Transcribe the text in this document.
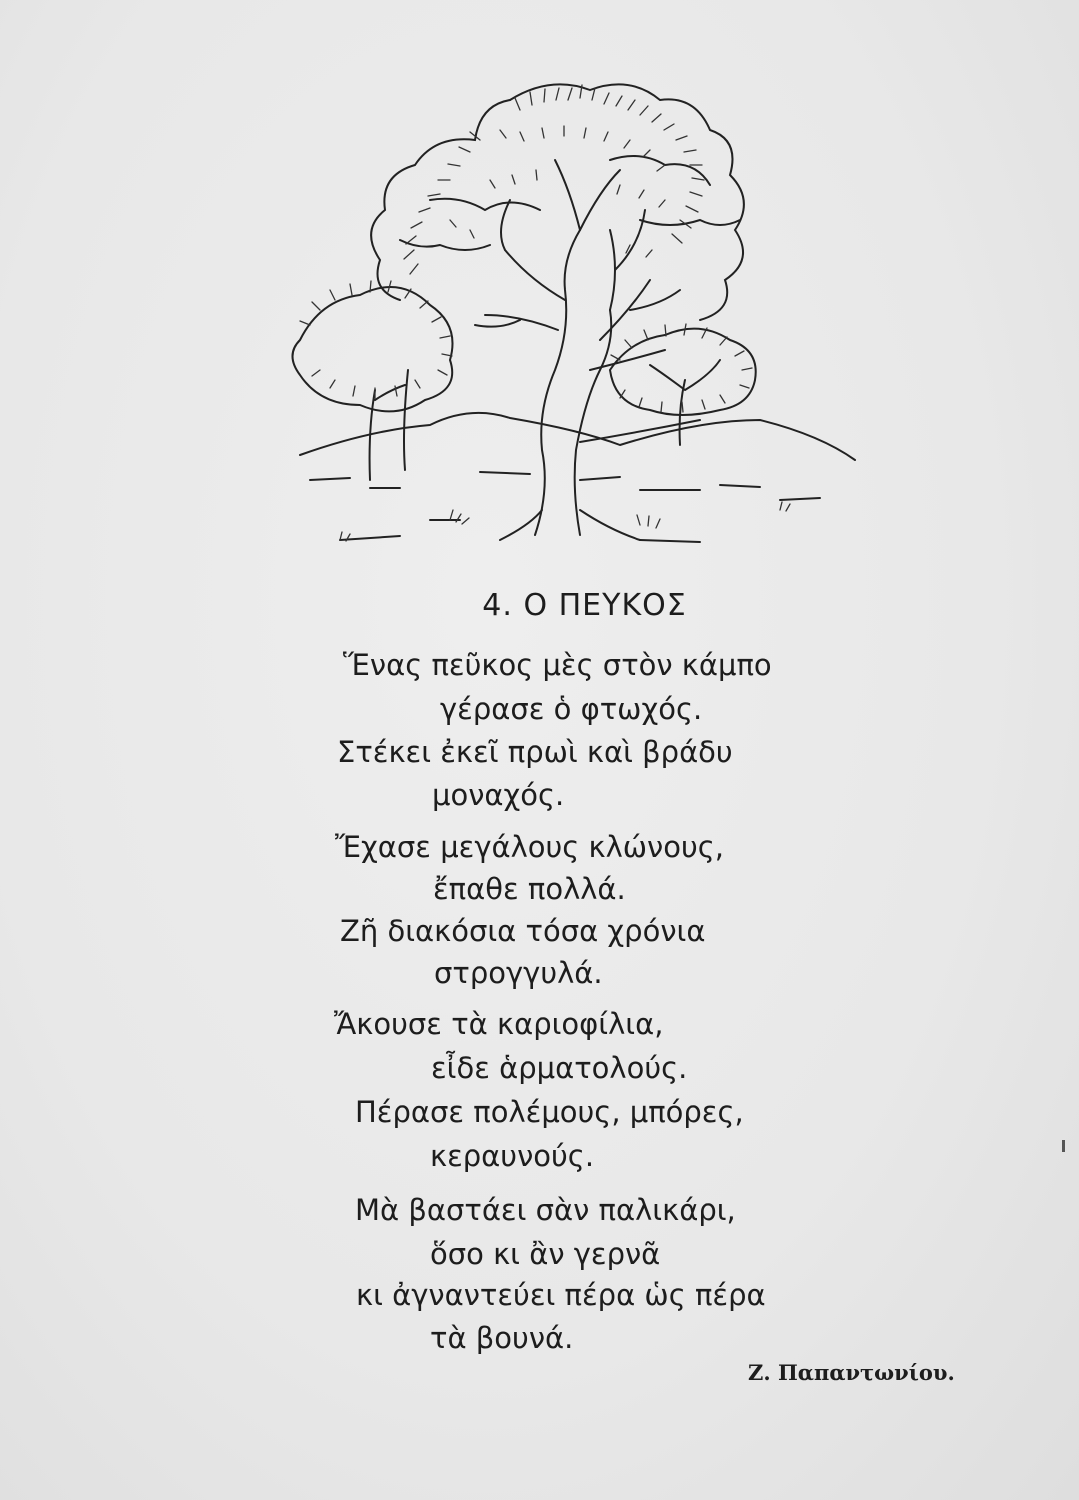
4. Ο ΠΕΥΚΟΣ
Ἕνας πεῦκος μὲς στὸν κάμπο
γέρασε ὁ φτωχός.
Στέκει ἐκεῖ πρωὶ καὶ βράδυ
μοναχός.
Ἔχασε μεγάλους κλώνους,
ἔπαθε πολλά.
Ζῆ διακόσια τόσα χρόνια
στρογγυλά.
Ἄκουσε τὰ καριοφίλια,
εἶδε ἁρματολούς.
Πέρασε πολέμους, μπόρες,
κεραυνούς.
Μὰ βαστάει σὰν παλικάρι,
ὅσο κι ἂν γερνᾶ
κι ἀγναντεύει πέρα ὡς πέρα
τὰ βουνά.
Ζ. Παπαντωνίου.
